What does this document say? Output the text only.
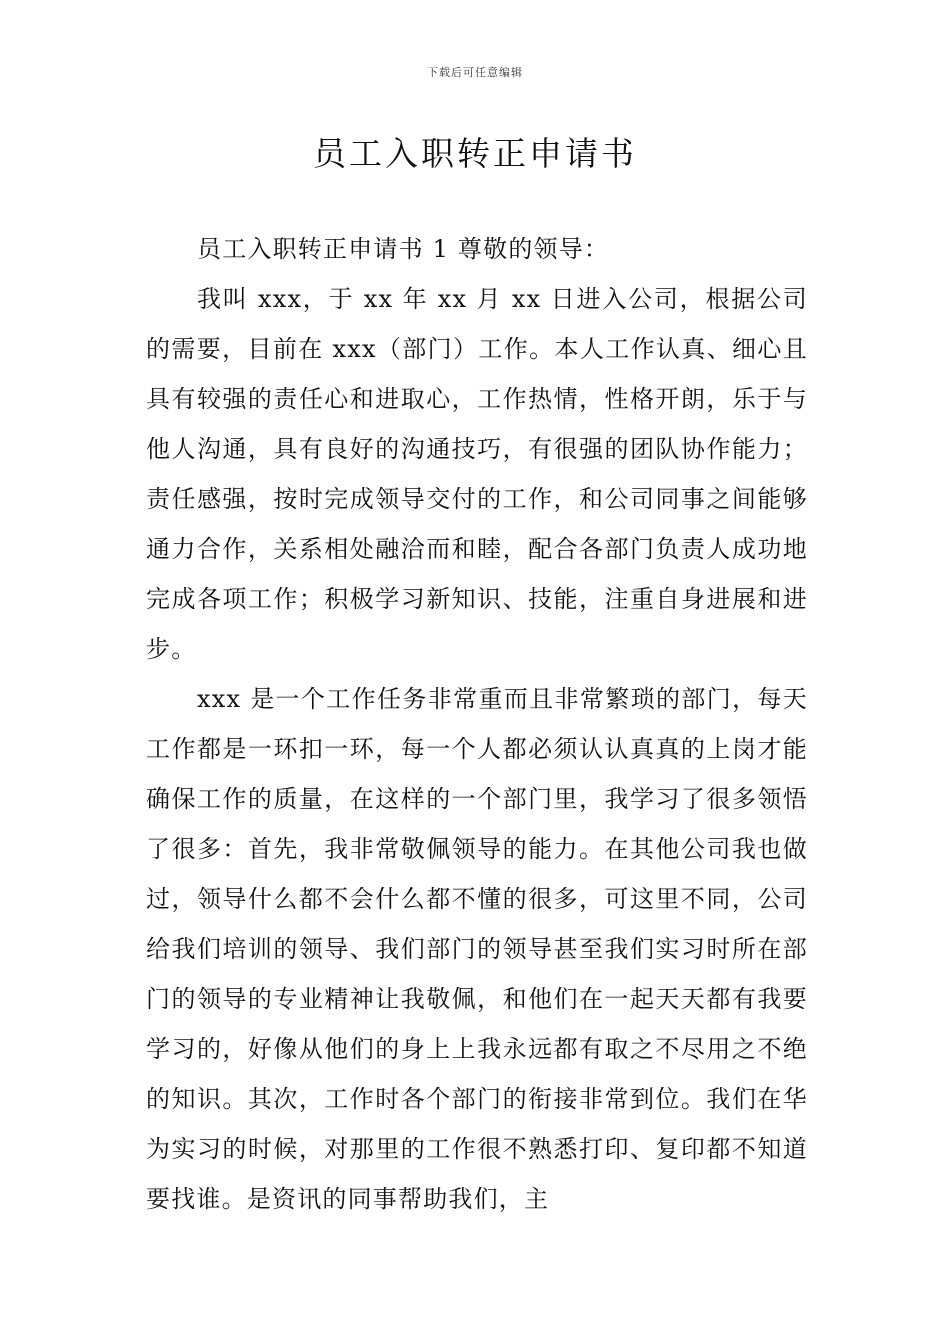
下载后可任意编辑
员工入职转正申请书

员工入职转正申请书 1 尊敬的领导：

我叫 xxx，于 xx 年 xx 月 xx 日进入公司，根据公司的需要，目前在 xxx（部门）工作。本人工作认真、细心且具有较强的责任心和进取心，工作热情，性格开朗，乐于与他人沟通，具有良好的沟通技巧，有很强的团队协作能力；责任感强，按时完成领导交付的工作，和公司同事之间能够通力合作，关系相处融洽而和睦，配合各部门负责人成功地完成各项工作；积极学习新知识、技能，注重自身进展和进步。

xxx 是一个工作任务非常重而且非常繁琐的部门，每天工作都是一环扣一环，每一个人都必须认认真真的上岗才能确保工作的质量，在这样的一个部门里，我学习了很多领悟了很多：首先，我非常敬佩领导的能力。在其他公司我也做过，领导什么都不会什么都不懂的很多，可这里不同，公司给我们培训的领导、我们部门的领导甚至我们实习时所在部门的领导的专业精神让我敬佩，和他们在一起天天都有我要学习的，好像从他们的身上上我永远都有取之不尽用之不绝的知识。其次，工作时各个部门的衔接非常到位。我们在华为实习的时候，对那里的工作很不熟悉打印、复印都不知道要找谁。是资讯的同事帮助我们，主
